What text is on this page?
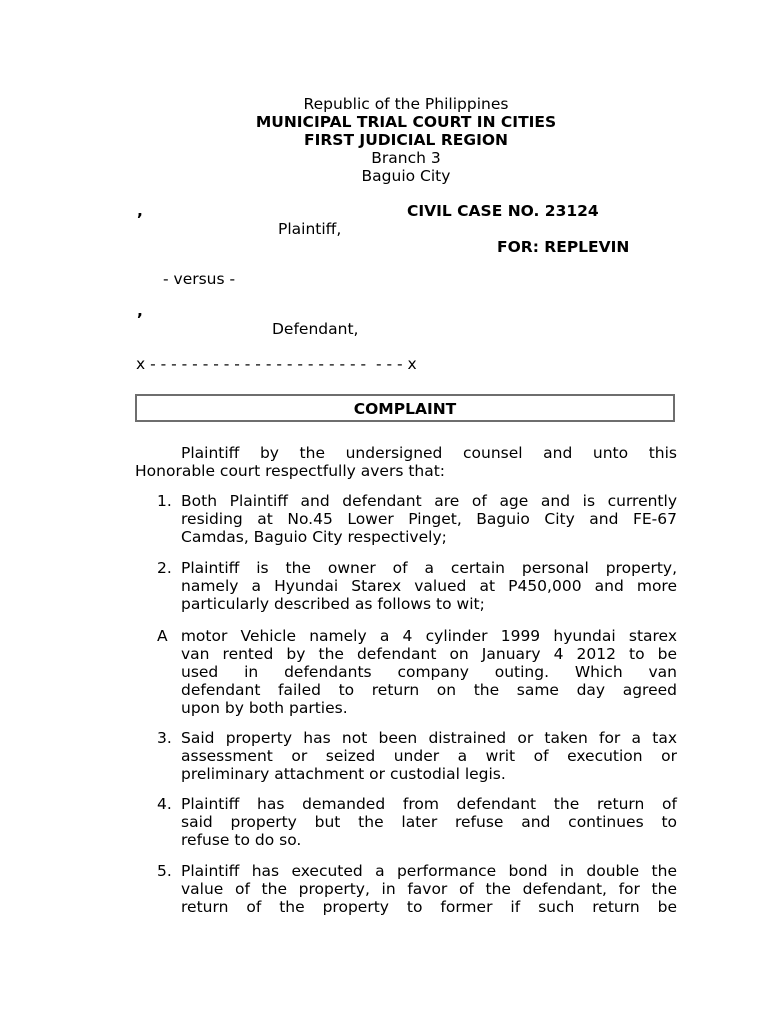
Republic of the Philippines
MUNICIPAL TRIAL COURT IN CITIES
FIRST JUDICIAL REGION
Branch 3
Baguio City
,	CIVIL CASE NO. 23124
Plaintiff,
FOR: REPLEVIN
- versus -
,
Defendant,
x - - - - - - - - - - - - - - - - - - - - -  - - - x
COMPLAINT
Plaintiff by the undersigned counsel and unto this
Honorable court respectfully avers that:
1. Both Plaintiff and defendant are of age and is currently
residing at No.45 Lower Pinget, Baguio City and FE-67
Camdas, Baguio City respectively;
2. Plaintiff is the owner of a certain personal property,
namely a Hyundai Starex valued at P450,000 and more
particularly described as follows to wit;
A motor Vehicle namely a 4 cylinder 1999 hyundai starex
van rented by the defendant on January 4 2012 to be
used in defendants company outing. Which van
defendant failed to return on the same day agreed
upon by both parties.
3. Said property has not been distrained or taken for a tax
assessment or seized under a writ of execution or
preliminary attachment or custodial legis.
4. Plaintiff has demanded from defendant the return of
said property but the later refuse and continues to
refuse to do so.
5. Plaintiff has executed a performance bond in double the
value of the property, in favor of the defendant, for the
return of the property to former if such return be
